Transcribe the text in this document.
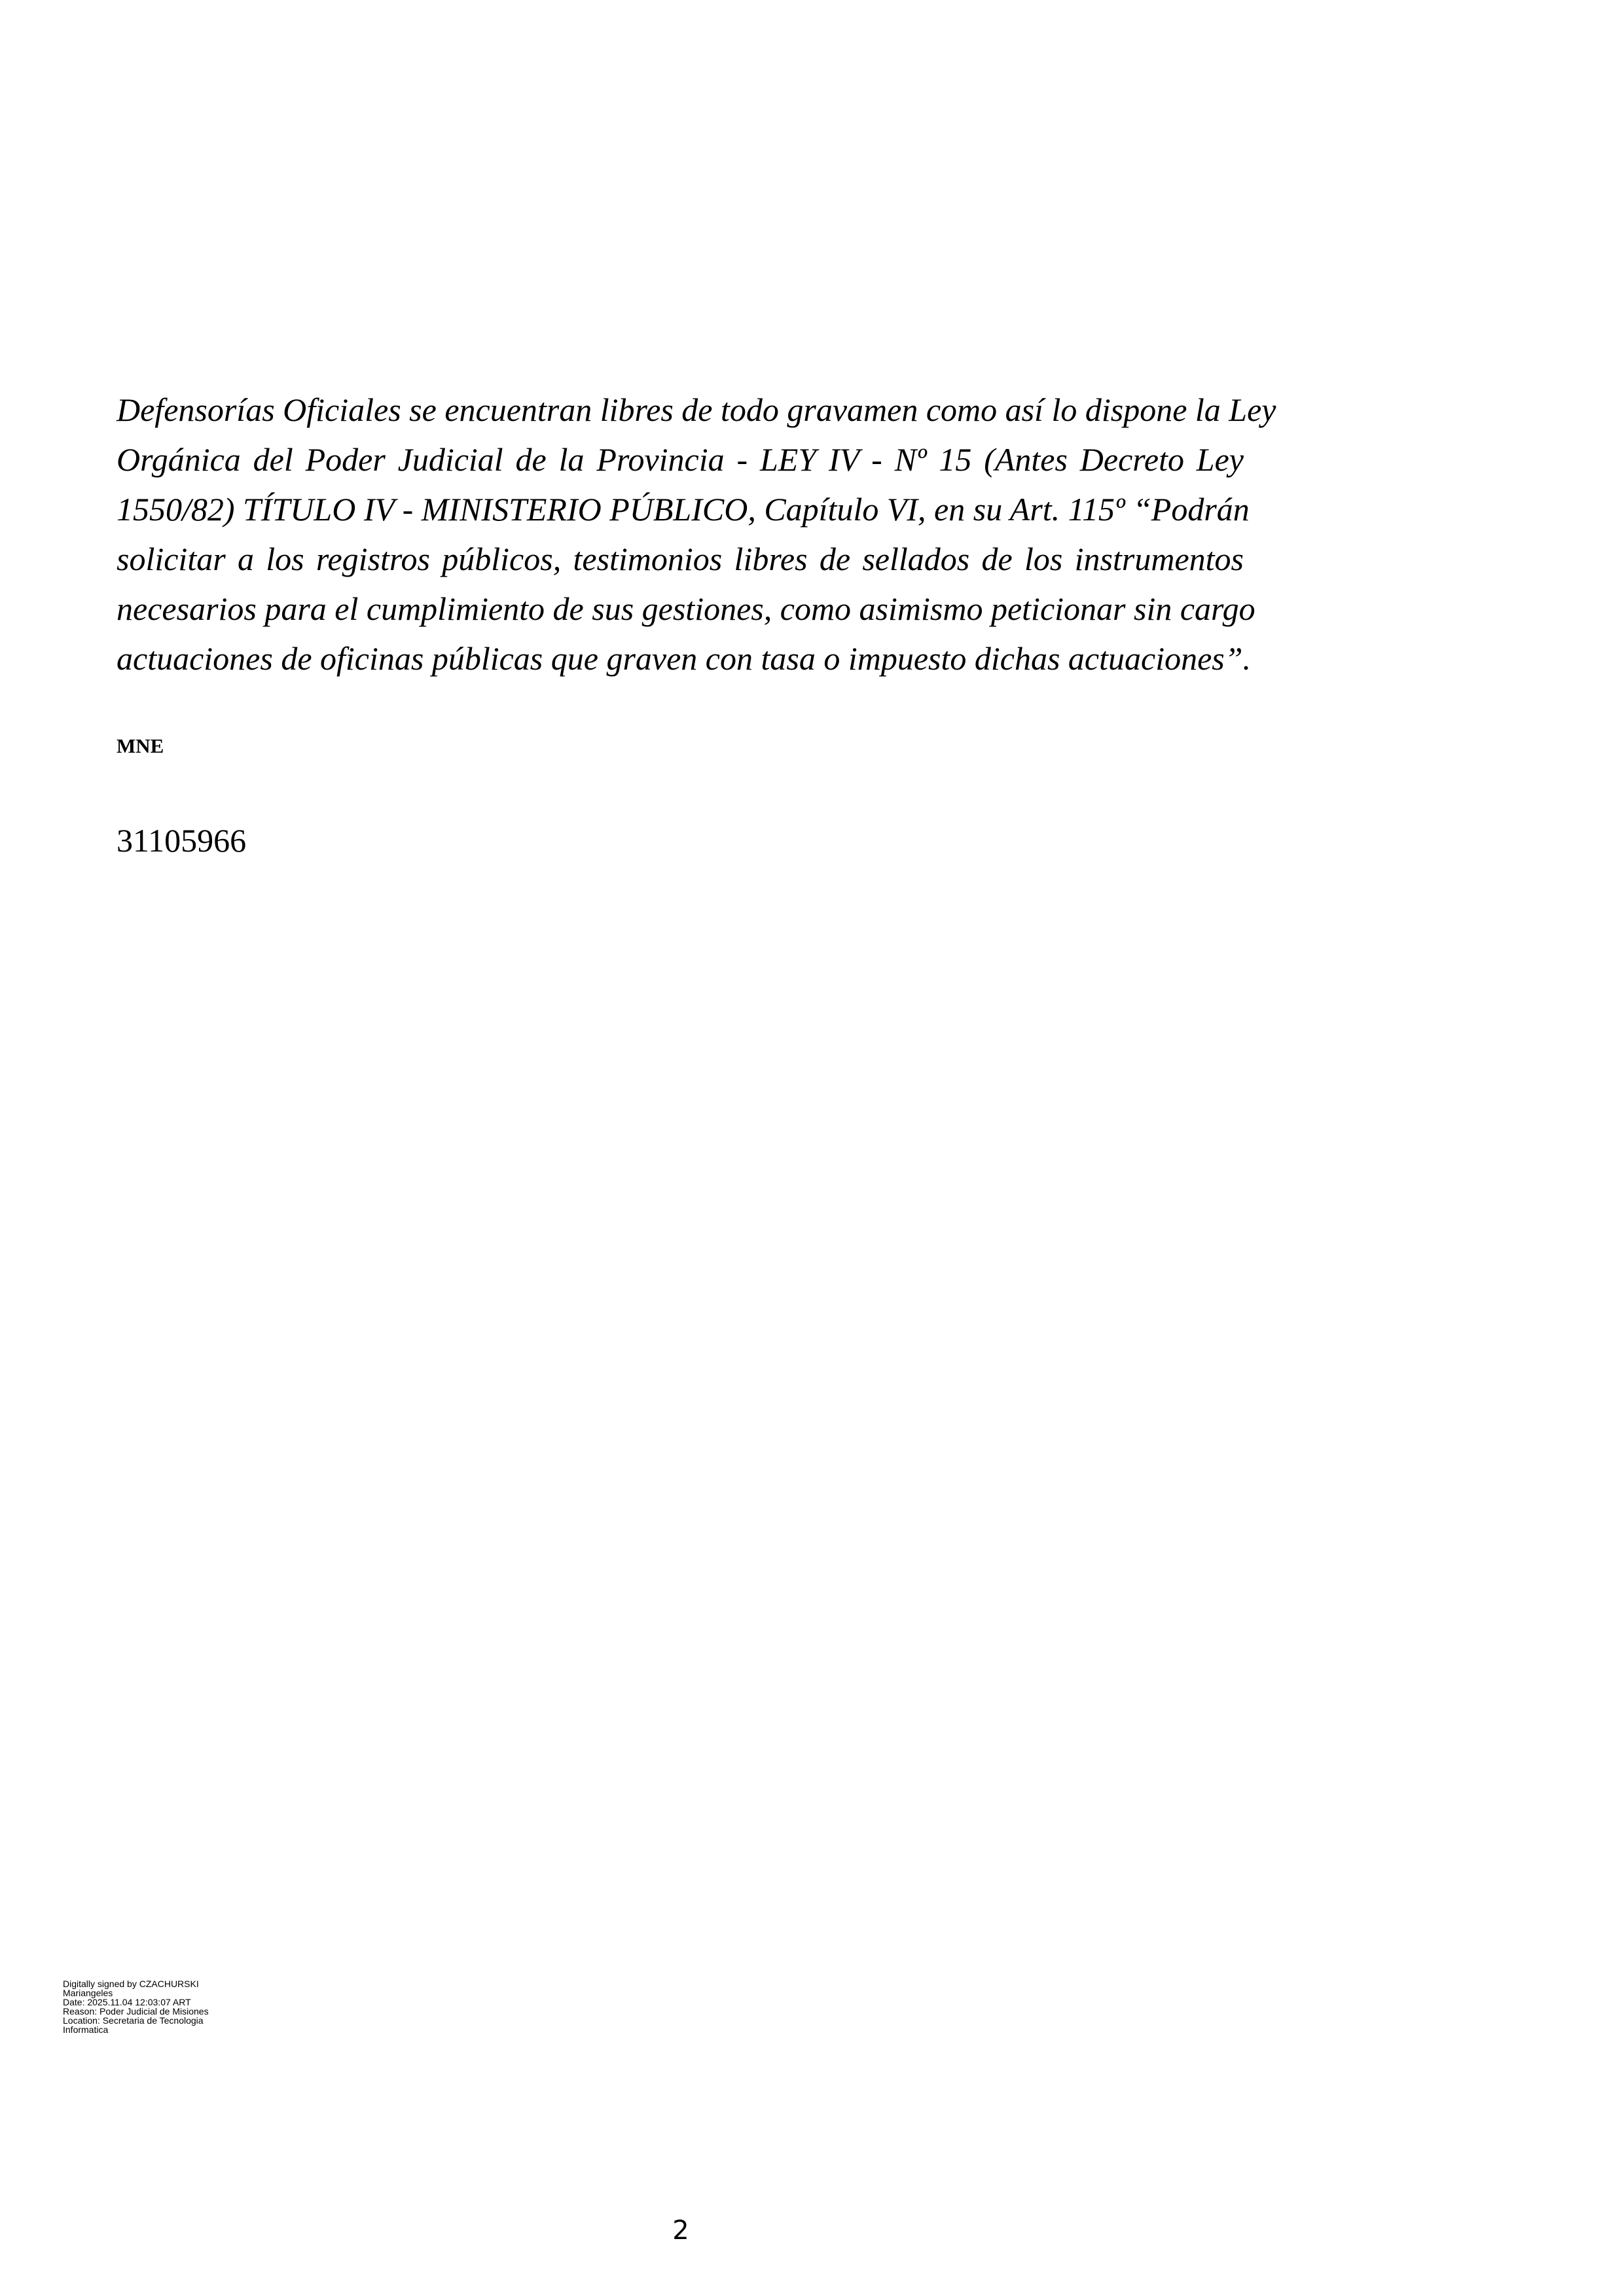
Defensorías Oficiales se encuentran libres de todo gravamen como así lo dispone la Ley
Orgánica del Poder Judicial de la Provincia - LEY IV - Nº 15 (Antes Decreto Ley
1550/82) TÍTULO IV - MINISTERIO PÚBLICO, Capítulo VI, en su Art. 115º “Podrán
solicitar a los registros públicos, testimonios libres de sellados de los instrumentos
necesarios para el cumplimiento de sus gestiones, como asimismo peticionar sin cargo
actuaciones de oficinas públicas que graven con tasa o impuesto dichas actuaciones”.

MNE

31105966

Digitally signed by CZACHURSKI
Mariangeles
Date: 2025.11.04 12:03:07 ART
Reason: Poder Judicial de Misiones
Location: Secretaria de Tecnologia
Informatica

2
